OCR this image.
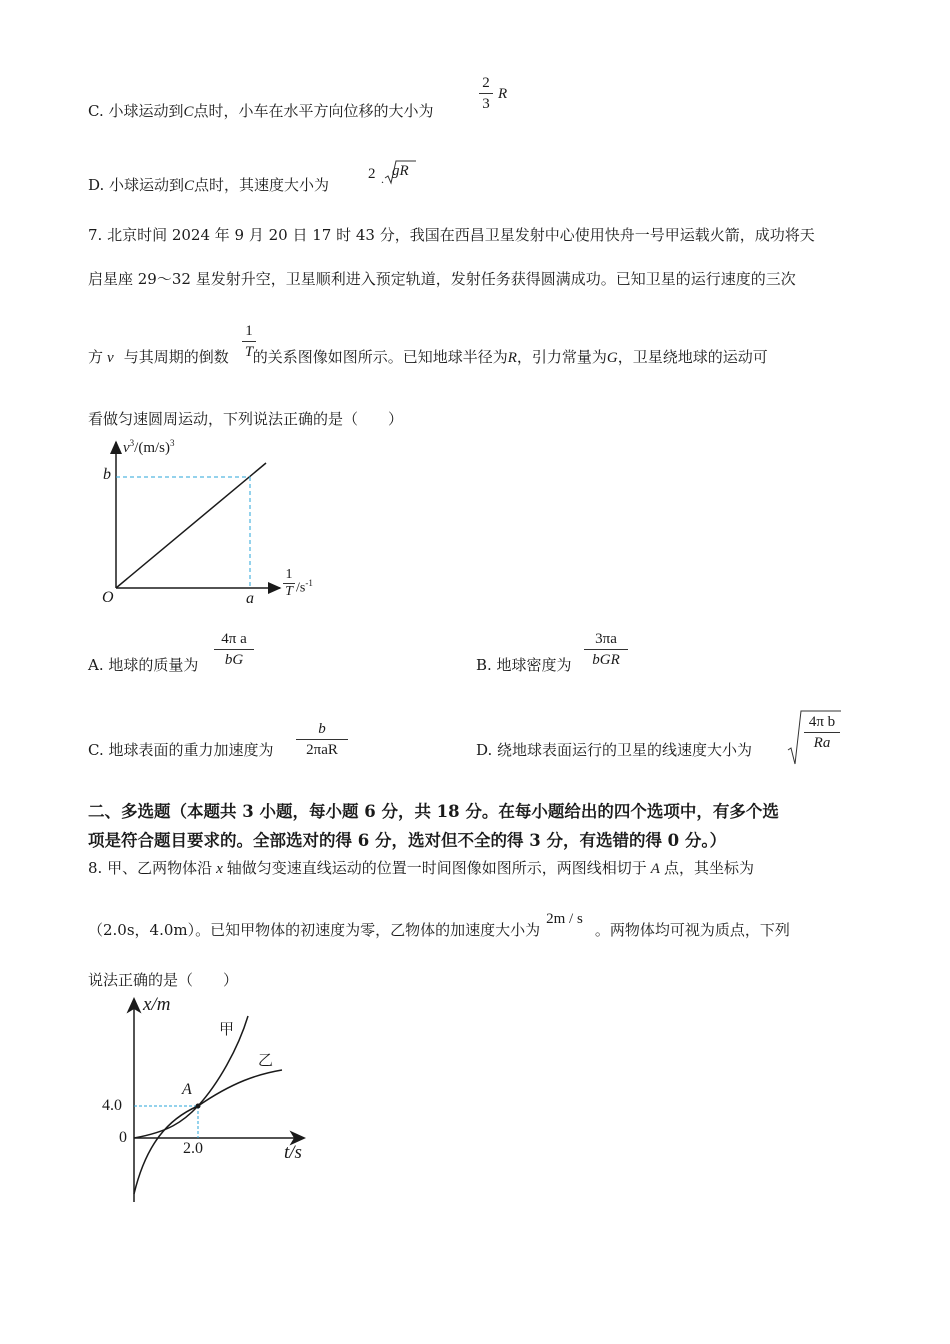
C. 小球运动到C点时，小车在水平方向位移的大小为
2
3
R
D. 小球运动到C点时，其速度大小为
2 . gR
7. 北京时间 2024 年 9 月 20 日 17 时 43 分，我国在西昌卫星发射中心使用快舟一号甲运载火箭，成功将天
启星座 29～32 星发射升空，卫星顺利进入预定轨道，发射任务获得圆满成功。已知卫星的运行速度的三次
方 v 与其周期的倒数 的关系图像如图所示。已知地球半径为R，引力常量为G，卫星绕地球的运动可
1
T
看做匀速圆周运动，下列说法正确的是（　　）
$v^3/(m/s)^3$
b
O	a
1
T $/s^{-1}$
A. 地球的质量为
4π a
bG	B. 地球密度为
3πa
bGR
C. 地球表面的重力加速度为
b
2πaR	D. 绕地球表面运行的卫星的线速度大小为
4π b
Ra
二、多选题（本题共 3 小题，每小题 6 分，共 18 分。在每小题给出的四个选项中，有多个选
项是符合题目要求的。全部选对的得 6 分，选对但不全的得 3 分，有选错的得 0 分。）
8. 甲、乙两物体沿 x 轴做匀变速直线运动的位置一时间图像如图所示，两图线相切于 A 点，其坐标为
（2.0s，4.0m）。已知甲物体的初速度为零，乙物体的加速度大小为2m / s。两物体均可视为质点，下列
说法正确的是（　　）
x/m
甲
乙
A
4.0
0
2.0	t/s
